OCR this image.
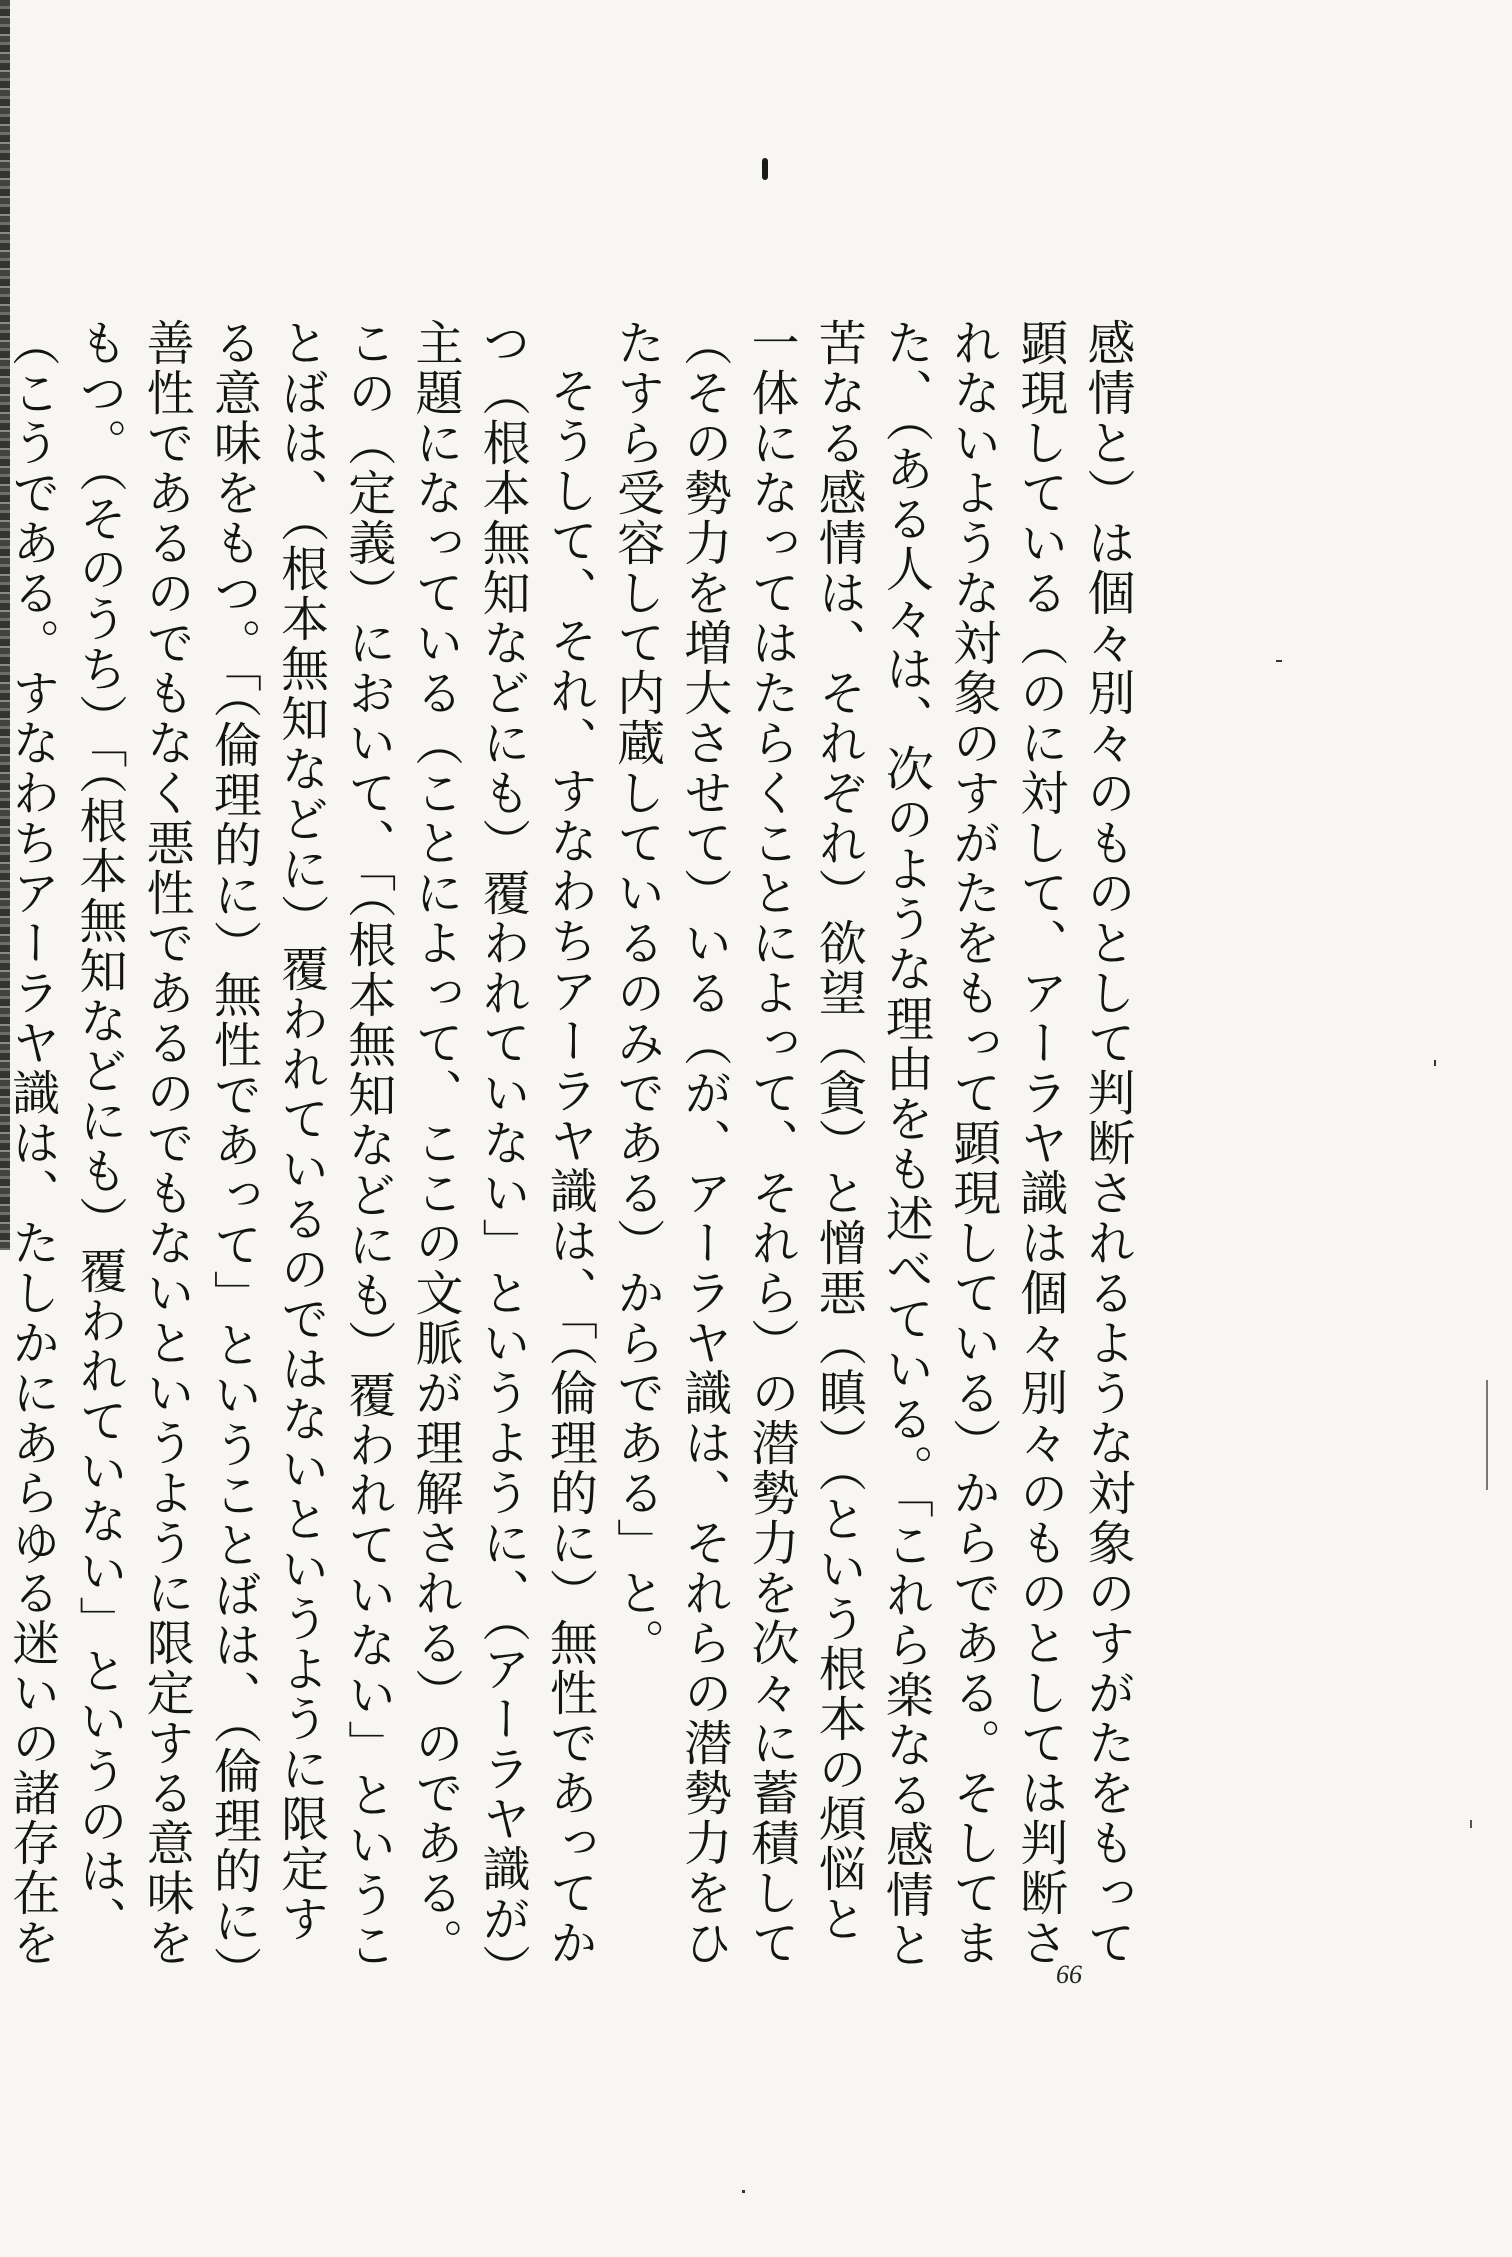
感情と）は個々別々のものとして判断されるような対象のすがたをもって顕現している（のに対して、アーラヤ識は個々別々のものとしては判断されないような対象のすがたをもって顕現している）からである。そしてまた、（ある人々は、次のような理由をも述べている。「これら楽なる感情と苦なる感情は、それぞれ）欲望（貪）と憎悪（瞋）（という根本の煩悩と一体になってはたらくことによって、それら）の潜勢力を次々に蓄積して（その勢力を増大させて）いる（が、アーラヤ識は、それらの潜勢力をひたすら受容して内蔵しているのみである）からである」と。

そうして、それ、すなわちアーラヤ識は、「（倫理的に）無性であってかつ（根本無知などにも）覆われていない」というように、（アーラヤ識が）主題になっている（ことによって、ここの文脈が理解される）のである。この（定義）において、「（根本無知などにも）覆われていない」ということばは、（根本無知などに）覆われているのではないというように限定する意味をもつ。「（倫理的に）無性であって」ということばは、（倫理的に）善性であるのでもなく悪性であるのでもないというように限定する意味をもつ。（そのうち）「（根本無知などにも）覆われていない」というのは、（こうである。すなわちアーラヤ識は、たしかにあらゆる迷いの諸存在を

66
